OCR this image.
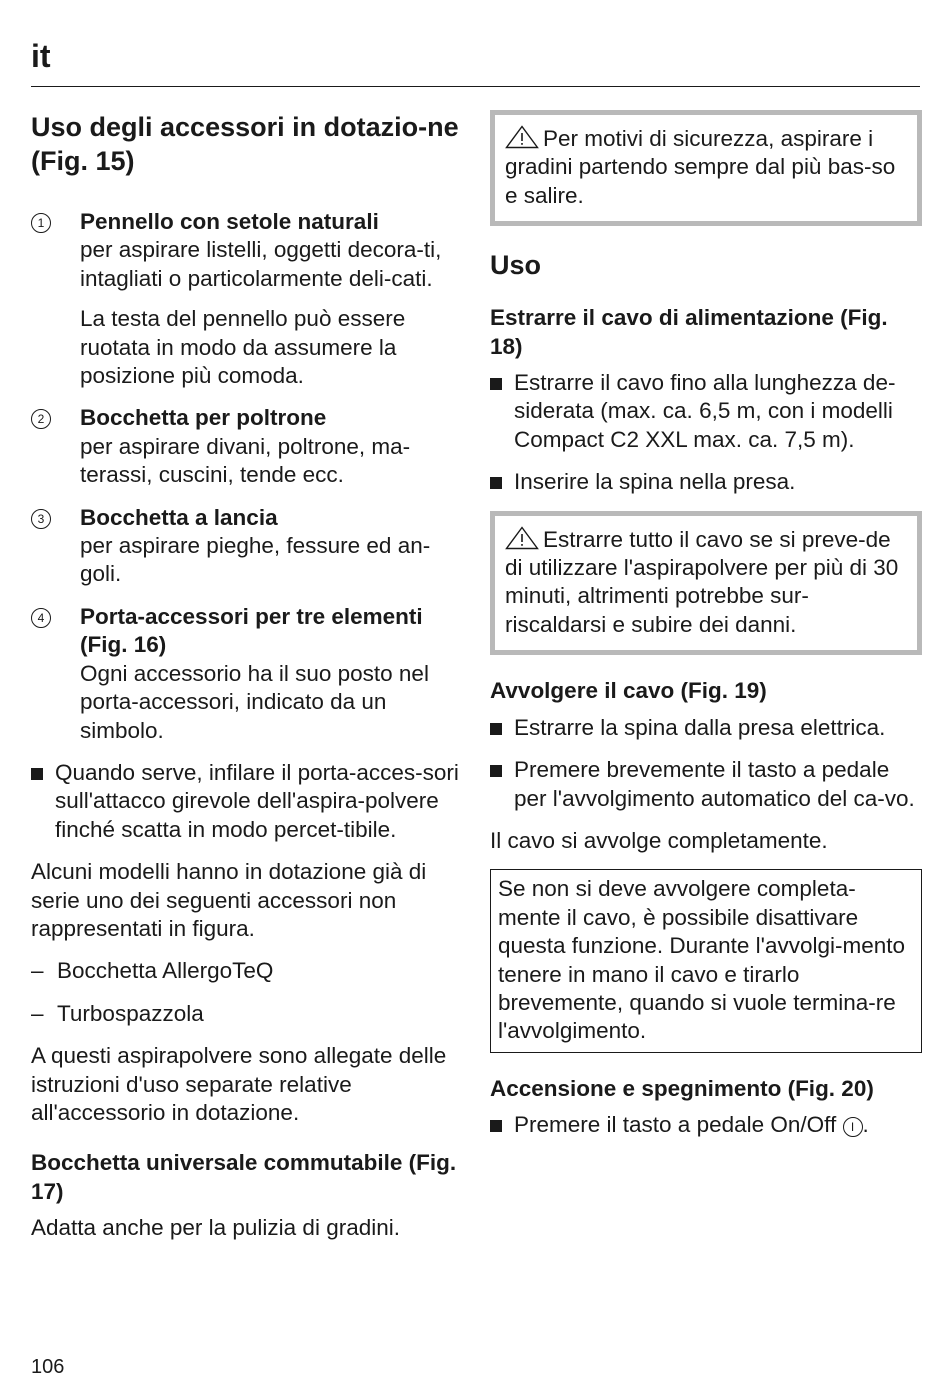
it
Uso degli accessori in dotazio-ne (Fig. 15)
1 Pennello con setole naturali

per aspirare listelli, oggetti decora-ti, intagliati o particolarmente deli-cati.

La testa del pennello può essere ruotata in modo da assumere la posizione più comoda.

2 Bocchetta per poltrone

per aspirare divani, poltrone, ma-terassi, cuscini, tende ecc.

3 Bocchetta a lancia

per aspirare pieghe, fessure ed an-goli.

4 Porta-accessori per tre elementi (Fig. 16)

Ogni accessorio ha il suo posto nel porta-accessori, indicato da un simbolo.

Quando serve, infilare il porta-acces-sori sull'attacco girevole dell'aspira-polvere finché scatta in modo percet-tibile.

Alcuni modelli hanno in dotazione già di serie uno dei seguenti accessori non rappresentati in figura.

– Bocchetta AllergoTeQ
– Turbospazzola

A questi aspirapolvere sono allegate delle istruzioni d'uso separate relative all'accessorio in dotazione.

Bocchetta universale commutabile (Fig. 17)

Adatta anche per la pulizia di gradini.

Per motivi di sicurezza, aspirare i gradini partendo sempre dal più bas-so e salire.
Uso
Estrarre il cavo di alimentazione (Fig. 18)
Estrarre il cavo fino alla lunghezza de-siderata (max. ca. 6,5 m, con i modelli Compact C2 XXL max. ca. 7,5 m).
Inserire la spina nella presa.
Estrarre tutto il cavo se si preve-de di utilizzare l'aspirapolvere per più di 30 minuti, altrimenti potrebbe sur-riscaldarsi e subire dei danni.
Avvolgere il cavo (Fig. 19)
Estrarre la spina dalla presa elettrica.
Premere brevemente il tasto a pedale per l'avvolgimento automatico del ca-vo.

Il cavo si avvolge completamente.

Se non si deve avvolgere completa-mente il cavo, è possibile disattivare questa funzione. Durante l'avvolgi-mento tenere in mano il cavo e tirarlo brevemente, quando si vuole termina-re l'avvolgimento.
Accensione e spegnimento (Fig. 20)
Premere il tasto a pedale On/Off I .
106
